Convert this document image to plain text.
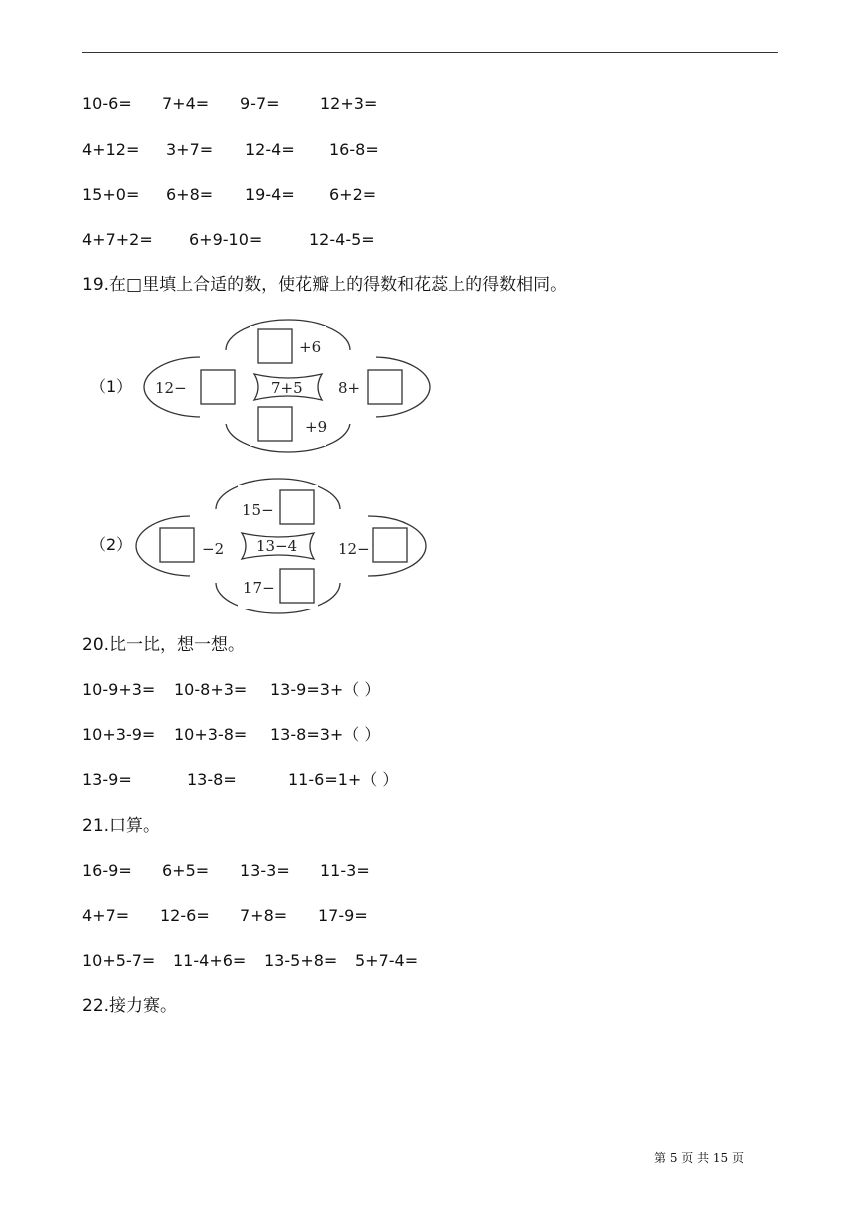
10-6= 7+4= 9-7=	12+3=
4+12= 3+7= 12-4= 16-8=
15+0= 6+8= 19-4= 6+2=
4+7+2= 6+9-10=	12-4-5=
19.在□里填上合适的数，使花瓣上的得数和花蕊上的得数相同。
（1）
+6
+9
12−	8+
7+5
（2）
15−
17−
−2	12−
13−4
20.比一比，想一想。
10-9+3= 10-8+3= 13-9=3+（ ）
10+3-9= 10+3-8= 13-8=3+（ ）
13-9=	13-8=	11-6=1+（ ）
21.口算。
16-9= 6+5= 13-3= 11-3=
4+7= 12-6= 7+8= 17-9=
10+5-7= 11-4+6= 13-5+8= 5+7-4=
22.接力赛。
第 5 页 共 15 页
